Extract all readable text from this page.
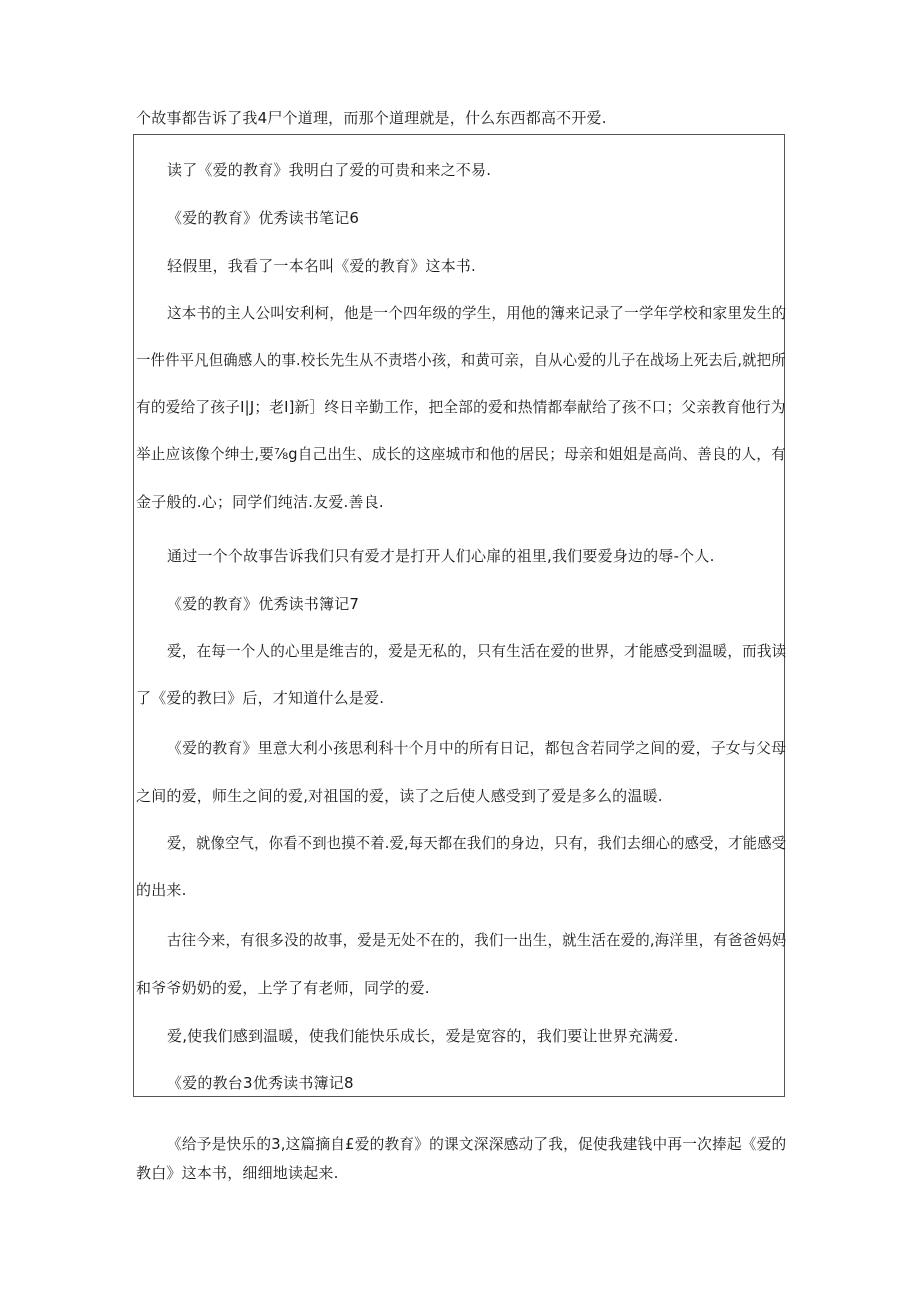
个故事都告诉了我4尸个道理，而那个道理就是，什么东西都高不开爱.
读了《爱的教育》我明白了爱的可贵和来之不易.
《爱的教育》优秀读书笔记6
轻假里，我看了一本名叫《爱的教育》这本书.
这本书的主人公叫安利柯，他是一个四年级的学生，用他的簿来记录了一学年学校和家里发生的
一件件平凡但确感人的事.校长先生从不责塔小孩，和黄可亲，自从心爱的儿子在战场上死去后,就把所
有的爱给了孩子I|J；老I]新］终日辛勤工作，把全部的爱和热情都奉献给了孩不口；父亲教育他行为
举止应该像个绅士,要⅞g自己出生、成长的这座城市和他的居民；母亲和姐姐是高尚、善良的人，有
金子般的.心；同学们纯洁.友爱.善良.
通过一个个故事告诉我们只有爱才是打开人们心扉的祖里,我们要爱身边的辱-个人.
《爱的教育》优秀读书簿记7
爱，在每一个人的心里是维吉的，爱是无私的，只有生活在爱的世界，才能感受到温暖，而我读
了《爱的教曰》后，才知道什么是爱.
《爱的教育》里意大利小孩思利科十个月中的所有日记，都包含若同学之间的爱，子女与父母
之间的爱，师生之间的爱,对祖国的爱，读了之后使人感受到了爱是多么的温暖.
爱，就像空气，你看不到也摸不着.爱,每天都在我们的身边，只有，我们去细心的感受，才能感受
的出来.
古往今来，有很多没的故事，爱是无处不在的，我们一出生，就生活在爱的,海洋里，有爸爸妈妈
和爷爷奶奶的爱，上学了有老师，同学的爱.
爱,使我们感到温暖，使我们能快乐成长，爱是宽容的，我们要让世界充满爱.
《爱的教台3优秀读书簿记8
《给予是快乐的3,这篇摘自£爱的教育》的课文深深感动了我，促使我建钱中再一次捧起《爱的
教白》这本书，细细地读起来.
